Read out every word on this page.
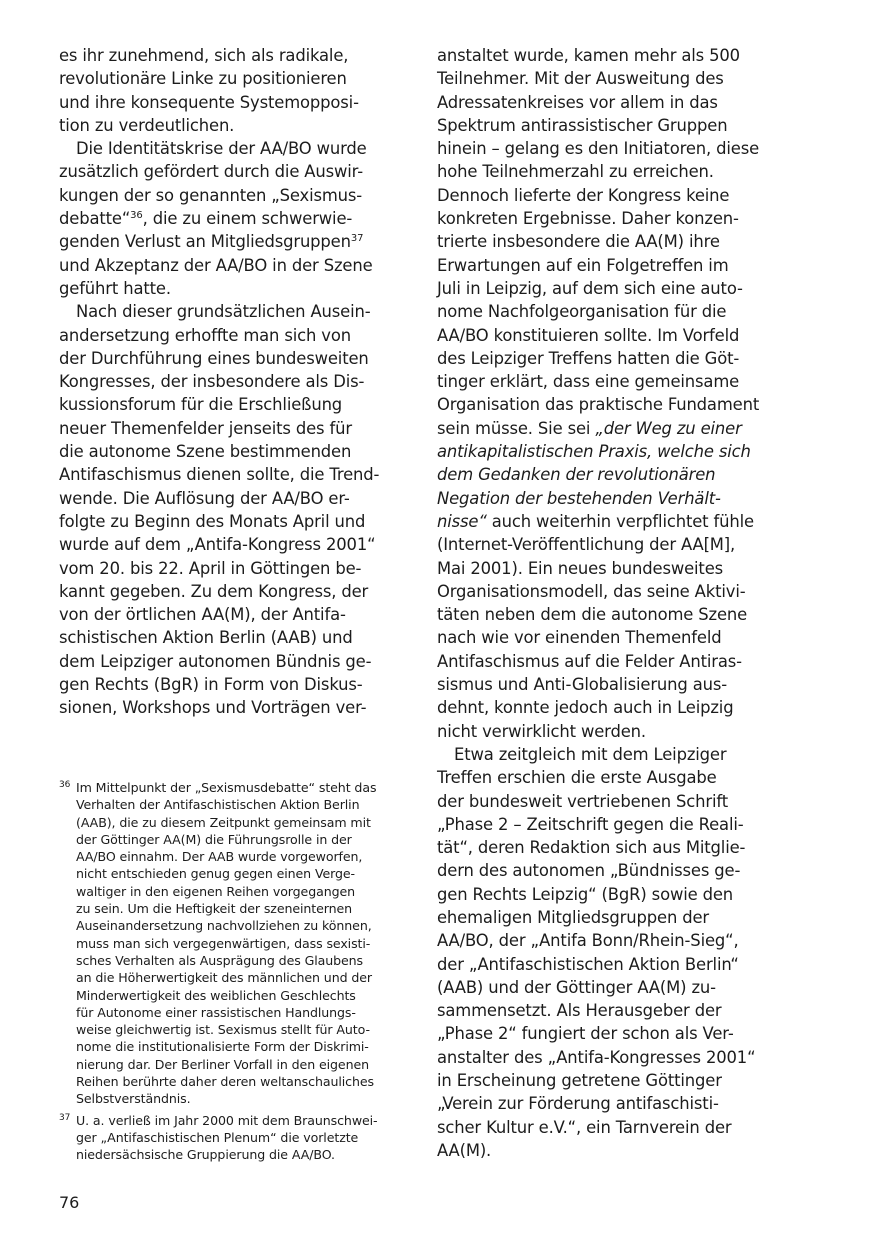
es ihr zunehmend, sich als radikale,
revolutionäre Linke zu positionieren
und ihre konsequente Systemopposi-
tion zu verdeutlichen.
Die Identitätskrise der AA/BO wurde
zusätzlich gefördert durch die Auswir-
kungen der so genannten „Sexismus-
debatte“$^{36}$, die zu einem schwerwie-
genden Verlust an Mitgliedsgruppen$^{37}$
und Akzeptanz der AA/BO in der Szene
geführt hatte.
Nach dieser grundsätzlichen Ausein-
andersetzung erhoffte man sich von
der Durchführung eines bundesweiten
Kongresses, der insbesondere als Dis-
kussionsforum für die Erschließung
neuer Themenfelder jenseits des für
die autonome Szene bestimmenden
Antifaschismus dienen sollte, die Trend-
wende. Die Auflösung der AA/BO er-
folgte zu Beginn des Monats April und
wurde auf dem „Antifa-Kongress 2001“
vom 20. bis 22. April in Göttingen be-
kannt gegeben. Zu dem Kongress, der
von der örtlichen AA(M), der Antifa-
schistischen Aktion Berlin (AAB) und
dem Leipziger autonomen Bündnis ge-
gen Rechts (BgR) in Form von Diskus-
sionen, Workshops und Vorträgen ver-
anstaltet wurde, kamen mehr als 500
Teilnehmer. Mit der Ausweitung des
Adressatenkreises vor allem in das
Spektrum antirassistischer Gruppen
hinein – gelang es den Initiatoren, diese
hohe Teilnehmerzahl zu erreichen.
Dennoch lieferte der Kongress keine
konkreten Ergebnisse. Daher konzen-
trierte insbesondere die AA(M) ihre
Erwartungen auf ein Folgetreffen im
Juli in Leipzig, auf dem sich eine auto-
nome Nachfolgeorganisation für die
AA/BO konstituieren sollte. Im Vorfeld
des Leipziger Treffens hatten die Göt-
tinger erklärt, dass eine gemeinsame
Organisation das praktische Fundament
sein müsse. Sie sei „der Weg zu einer
antikapitalistischen Praxis, welche sich
dem Gedanken der revolutionären
Negation der bestehenden Verhält-
nisse“ auch weiterhin verpflichtet fühle
(Internet-Veröffentlichung der AA[M],
Mai 2001). Ein neues bundesweites
Organisationsmodell, das seine Aktivi-
täten neben dem die autonome Szene
nach wie vor einenden Themenfeld
Antifaschismus auf die Felder Antiras-
sismus und Anti-Globalisierung aus-
dehnt, konnte jedoch auch in Leipzig
nicht verwirklicht werden.
Etwa zeitgleich mit dem Leipziger
Treffen erschien die erste Ausgabe
der bundesweit vertriebenen Schrift
„Phase 2 – Zeitschrift gegen die Reali-
tät“, deren Redaktion sich aus Mitglie-
dern des autonomen „Bündnisses ge-
gen Rechts Leipzig“ (BgR) sowie den
ehemaligen Mitgliedsgruppen der
AA/BO, der „Antifa Bonn/Rhein-Sieg“,
der „Antifaschistischen Aktion Berlin“
(AAB) und der Göttinger AA(M) zu-
sammensetzt. Als Herausgeber der
„Phase 2“ fungiert der schon als Ver-
anstalter des „Antifa-Kongresses 2001“
in Erscheinung getretene Göttinger
„Verein zur Förderung antifaschisti-
scher Kultur e.V.“, ein Tarnverein der
AA(M).
36 Im Mittelpunkt der „Sexismusdebatte“ steht das
Verhalten der Antifaschistischen Aktion Berlin
(AAB), die zu diesem Zeitpunkt gemeinsam mit
der Göttinger AA(M) die Führungsrolle in der
AA/BO einnahm. Der AAB wurde vorgeworfen,
nicht entschieden genug gegen einen Verge-
waltiger in den eigenen Reihen vorgegangen
zu sein. Um die Heftigkeit der szeneinternen
Auseinandersetzung nachvollziehen zu können,
muss man sich vergegenwärtigen, dass sexisti-
sches Verhalten als Ausprägung des Glaubens
an die Höherwertigkeit des männlichen und der
Minderwertigkeit des weiblichen Geschlechts
für Autonome einer rassistischen Handlungs-
weise gleichwertig ist. Sexismus stellt für Auto-
nome die institutionalisierte Form der Diskrimi-
nierung dar. Der Berliner Vorfall in den eigenen
Reihen berührte daher deren weltanschauliches
Selbstverständnis.
37 U. a. verließ im Jahr 2000 mit dem Braunschwei-
ger „Antifaschistischen Plenum“ die vorletzte
niedersächsische Gruppierung die AA/BO.
76
